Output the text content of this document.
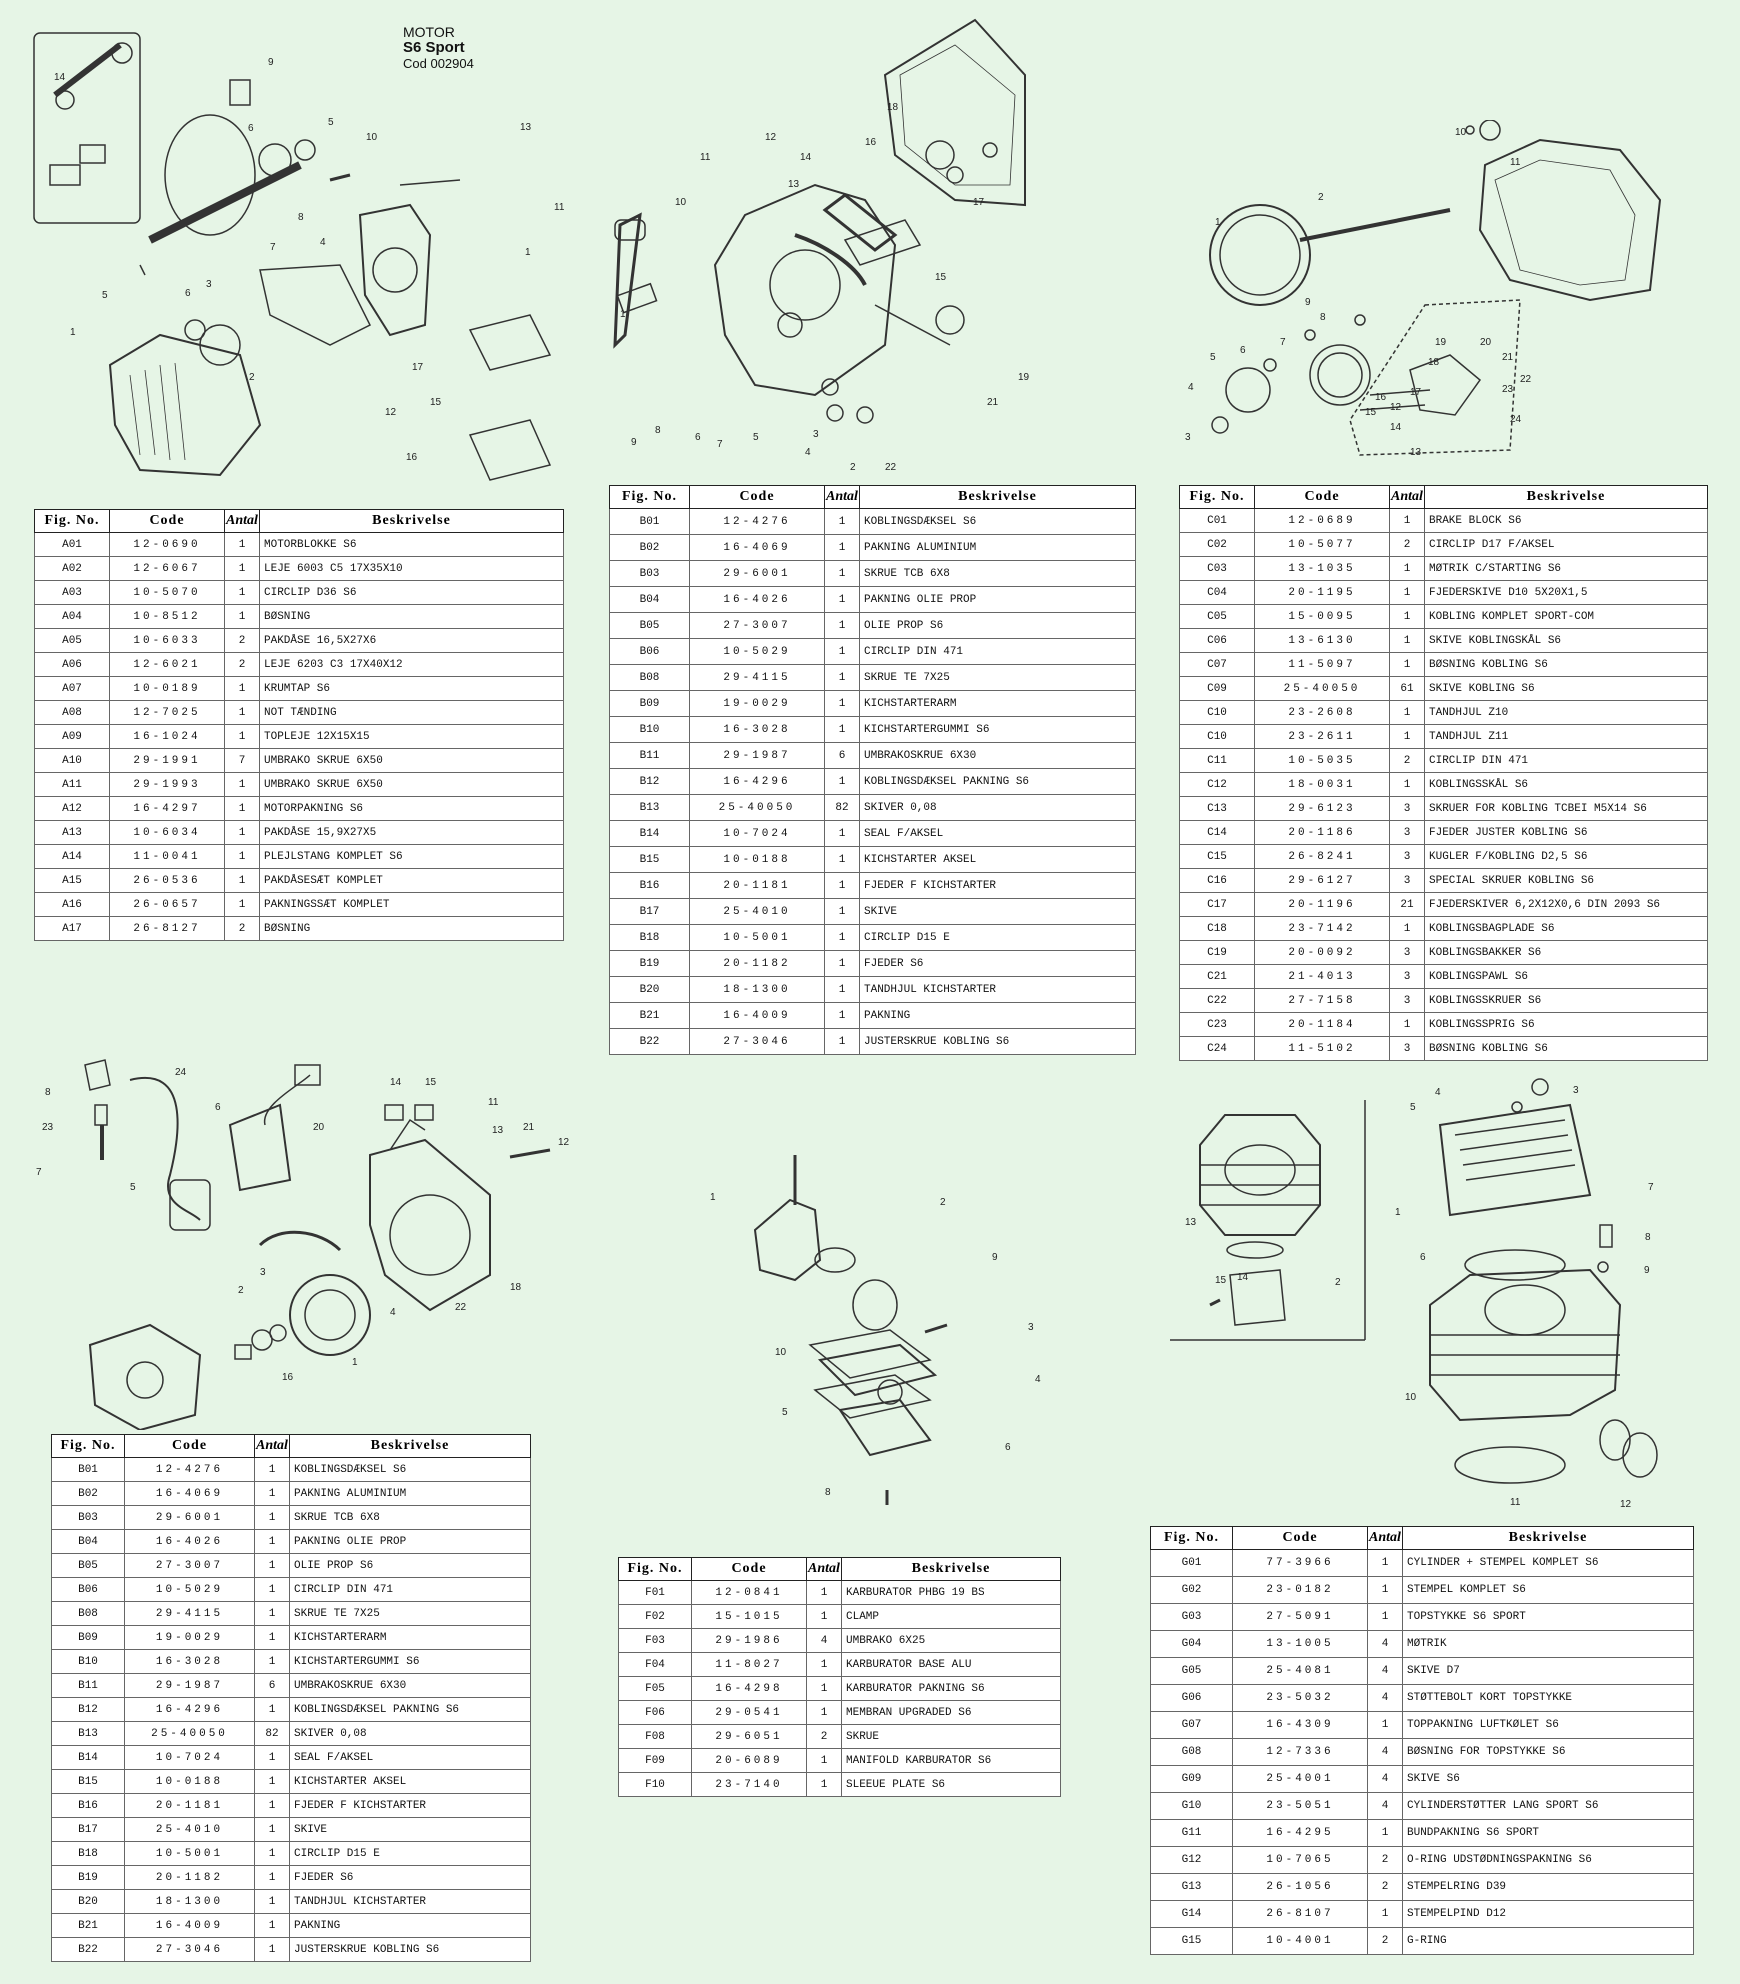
MOTOR
S6 Sport
Cod 002904
14
9
6
5
10
13
11
7
8
4
1
5	6
3
2
17
12
15
16
1
12
11
10
14
13
16
18
17
15
1
9
8
7
6	5
4
3
2	22
21
19
10
11
2
1
3
4
5
6
7
8
9
12
13
14
15
16 17
18
19	20
21
22
23
24
8
24
23
7
6
5
14 15
11
20	13 21
12
18
3
2
4
1
16
22
1	2
9
3
10
4
5
6
8
4
5
3
1
13
2
14
15
7
6
8
9
10
11	12
Fig. No.	Code	Antal	Beskrivelse
A01	12-0690	1	MOTORBLOKKE S6
A02	12-6067	1	LEJE 6003 C5 17X35X10
A03	10-5070	1	CIRCLIP D36 S6
A04	10-8512	1	BØSNING
A05	10-6033	2	PAKDÅSE 16,5X27X6
A06	12-6021	2	LEJE 6203 C3 17X40X12
A07	10-0189	1	KRUMTAP S6
A08	12-7025	1	NOT TÆNDING
A09	16-1024	1	TOPLEJE 12X15X15
A10	29-1991	7	UMBRAKO SKRUE 6X50
A11	29-1993	1	UMBRAKO SKRUE 6X50
A12	16-4297	1	MOTORPAKNING S6
A13	10-6034	1	PAKDÅSE 15,9X27X5
A14	11-0041	1	PLEJLSTANG KOMPLET S6
A15	26-0536	1	PAKDÅSESÆT KOMPLET
A16	26-0657	1	PAKNINGSSÆT KOMPLET
A17	26-8127	2	BØSNING
Fig. No.	Code	Antal	Beskrivelse
B01	12-4276	1	KOBLINGSDÆKSEL S6
B02	16-4069	1	PAKNING ALUMINIUM
B03	29-6001	1	SKRUE TCB 6X8
B04	16-4026	1	PAKNING OLIE PROP
B05	27-3007	1	OLIE PROP S6
B06	10-5029	1	CIRCLIP DIN 471
B08	29-4115	1	SKRUE TE 7X25
B09	19-0029	1	KICHSTARTERARM
B10	16-3028	1	KICHSTARTERGUMMI S6
B11	29-1987	6	UMBRAKOSKRUE 6X30
B12	16-4296	1	KOBLINGSDÆKSEL PAKNING S6
B13	25-40050	82	SKIVER 0,08
B14	10-7024	1	SEAL F/AKSEL
B15	10-0188	1	KICHSTARTER AKSEL
B16	20-1181	1	FJEDER F KICHSTARTER
B17	25-4010	1	SKIVE
B18	10-5001	1	CIRCLIP D15 E
B19	20-1182	1	FJEDER S6
B20	18-1300	1	TANDHJUL KICHSTARTER
B21	16-4009	1	PAKNING
B22	27-3046	1	JUSTERSKRUE KOBLING S6
Fig. No.	Code	Antal	Beskrivelse
C01	12-0689	1	BRAKE BLOCK S6
C02	10-5077	2	CIRCLIP D17 F/AKSEL
C03	13-1035	1	MØTRIK C/STARTING S6
C04	20-1195	1	FJEDERSKIVE D10 5X20X1,5
C05	15-0095	1	KOBLING KOMPLET SPORT-COM
C06	13-6130	1	SKIVE KOBLINGSKÅL S6
C07	11-5097	1	BØSNING KOBLING S6
C09	25-40050	61	SKIVE KOBLING S6
C10	23-2608	1	TANDHJUL Z10
C10	23-2611	1	TANDHJUL Z11
C11	10-5035	2	CIRCLIP DIN 471
C12	18-0031	1	KOBLINGSSKÅL S6
C13	29-6123	3	SKRUER FOR KOBLING TCBEI M5X14 S6
C14	20-1186	3	FJEDER JUSTER KOBLING S6
C15	26-8241	3	KUGLER F/KOBLING D2,5 S6
C16	29-6127	3	SPECIAL SKRUER KOBLING S6
C17	20-1196	21	FJEDERSKIVER 6,2X12X0,6 DIN 2093 S6
C18	23-7142	1	KOBLINGSBAGPLADE S6
C19	20-0092	3	KOBLINGSBAKKER S6
C21	21-4013	3	KOBLINGSPAWL S6
C22	27-7158	3	KOBLINGSSKRUER S6
C23	20-1184	1	KOBLINGSSPRIG S6
C24	11-5102	3	BØSNING KOBLING S6
Fig. No.	Code	Antal	Beskrivelse
B01	12-4276	1	KOBLINGSDÆKSEL S6
B02	16-4069	1	PAKNING ALUMINIUM
B03	29-6001	1	SKRUE TCB 6X8
B04	16-4026	1	PAKNING OLIE PROP
B05	27-3007	1	OLIE PROP S6
B06	10-5029	1	CIRCLIP DIN 471
B08	29-4115	1	SKRUE TE 7X25
B09	19-0029	1	KICHSTARTERARM
B10	16-3028	1	KICHSTARTERGUMMI S6
B11	29-1987	6	UMBRAKOSKRUE 6X30
B12	16-4296	1	KOBLINGSDÆKSEL PAKNING S6
B13	25-40050	82	SKIVER 0,08
B14	10-7024	1	SEAL F/AKSEL
B15	10-0188	1	KICHSTARTER AKSEL
B16	20-1181	1	FJEDER F KICHSTARTER
B17	25-4010	1	SKIVE
B18	10-5001	1	CIRCLIP D15 E
B19	20-1182	1	FJEDER S6
B20	18-1300	1	TANDHJUL KICHSTARTER
B21	16-4009	1	PAKNING
B22	27-3046	1	JUSTERSKRUE KOBLING S6
Fig. No.	Code	Antal	Beskrivelse
F01	12-0841	1	KARBURATOR PHBG 19 BS
F02	15-1015	1	CLAMP
F03	29-1986	4	UMBRAKO 6X25
F04	11-8027	1	KARBURATOR BASE ALU
F05	16-4298	1	KARBURATOR PAKNING S6
F06	29-0541	1	MEMBRAN UPGRADED S6
F08	29-6051	2	SKRUE
F09	20-6089	1	MANIFOLD KARBURATOR S6
F10	23-7140	1	SLEEUE PLATE S6
Fig. No.	Code	Antal	Beskrivelse
G01	77-3966	1	CYLINDER + STEMPEL KOMPLET S6
G02	23-0182	1	STEMPEL KOMPLET S6
G03	27-5091	1	TOPSTYKKE S6 SPORT
G04	13-1005	4	MØTRIK
G05	25-4081	4	SKIVE D7
G06	23-5032	4	STØTTEBOLT KORT TOPSTYKKE
G07	16-4309	1	TOPPAKNING LUFTKØLET S6
G08	12-7336	4	BØSNING FOR TOPSTYKKE S6
G09	25-4001	4	SKIVE S6
G10	23-5051	4	CYLINDERSTØTTER LANG SPORT S6
G11	16-4295	1	BUNDPAKNING S6 SPORT
G12	10-7065	2	O-RING UDSTØDNINGSPAKNING S6
G13	26-1056	2	STEMPELRING D39
G14	26-8107	1	STEMPELPIND D12
G15	10-4001	2	G-RING
